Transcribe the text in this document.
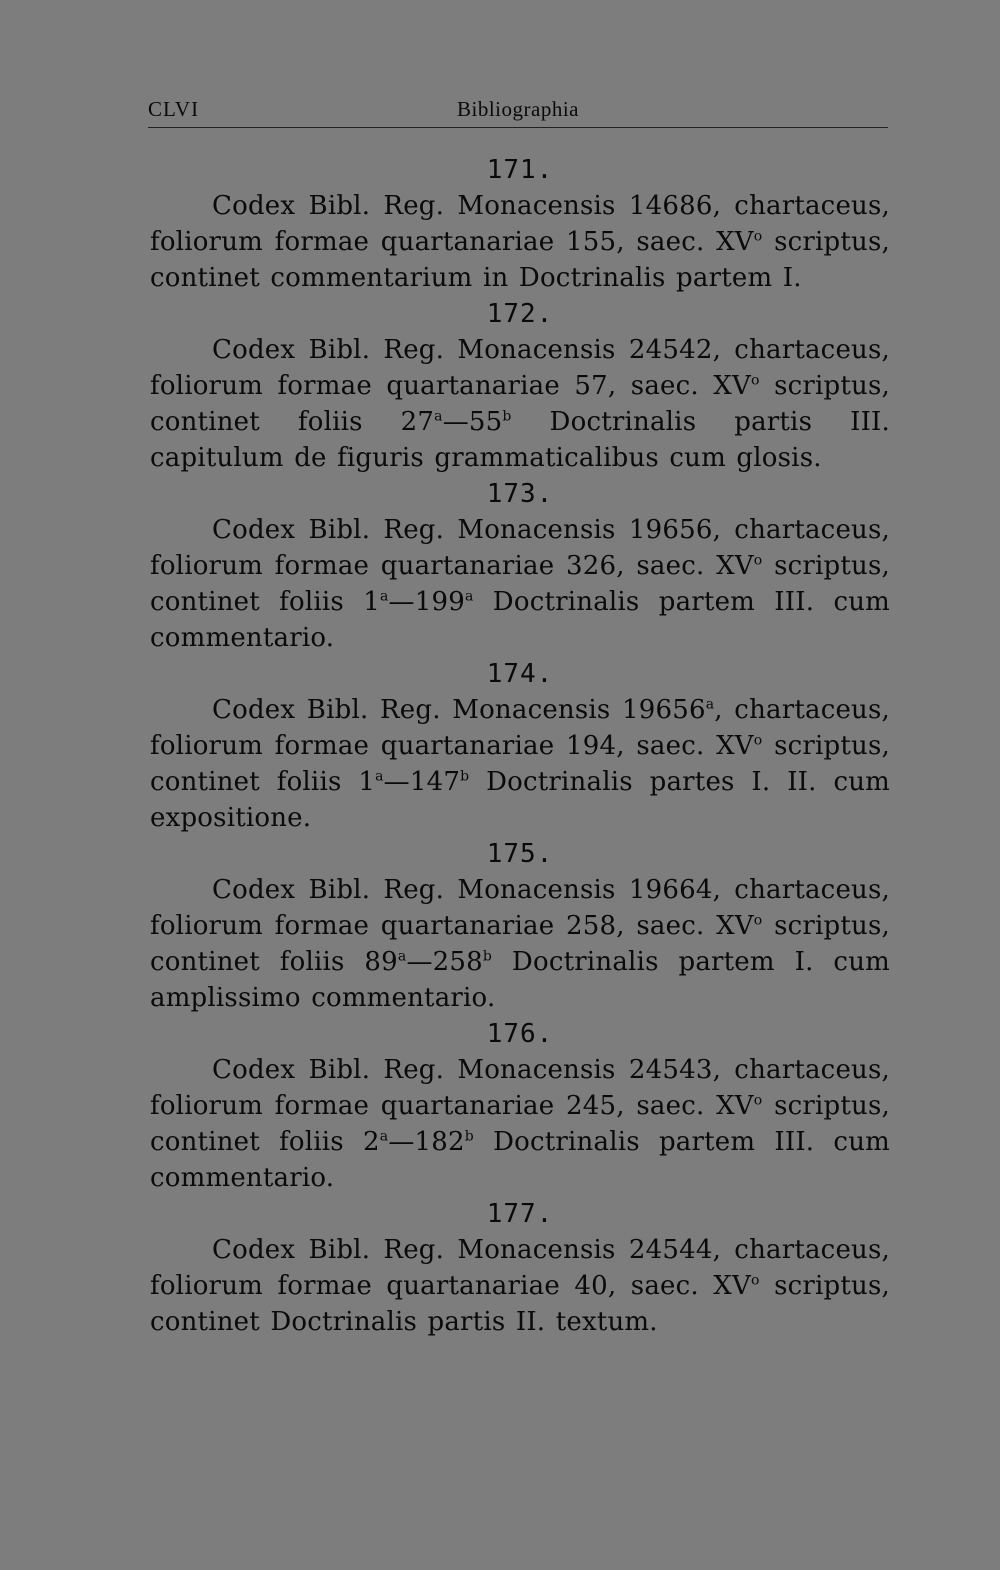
CLVI	Bibliographia
171.

Codex Bibl. Reg. Monacensis 14686, chartaceus, foliorum formae quartanariae 155, saec. $XV^o$ scriptus, continet commentarium in Doctrinalis partem I.

172.

Codex Bibl. Reg. Monacensis 24542, chartaceus, foliorum formae quartanariae 57, saec. $XV^o$ scriptus, continet foliis 27$^a$—55$^b$ Doctrinalis partis III. capitulum de figuris grammaticalibus cum glosis.

173.

Codex Bibl. Reg. Monacensis 19656, chartaceus, foliorum formae quartanariae 326, saec. $XV^o$ scriptus, continet foliis 1$^a$—199$^a$ Doctrinalis partem III. cum commentario.

174.

Codex Bibl. Reg. Monacensis 19656$^a$, chartaceus, foliorum formae quartanariae 194, saec. $XV^o$ scriptus, continet foliis 1$^a$—147$^b$ Doctrinalis partes I. II. cum expositione.

175.

Codex Bibl. Reg. Monacensis 19664, chartaceus, foliorum formae quartanariae 258, saec. $XV^o$ scriptus, continet foliis 89$^a$—258$^b$ Doctrinalis partem I. cum amplissimo commentario.

176.

Codex Bibl. Reg. Monacensis 24543, chartaceus, foliorum formae quartanariae 245, saec. $XV^o$ scriptus, continet foliis 2$^a$—182$^b$ Doctrinalis partem III. cum commentario.

177.

Codex Bibl. Reg. Monacensis 24544, chartaceus, foliorum formae quartanariae 40, saec. $XV^o$ scriptus, continet Doctrinalis partis II. textum.
